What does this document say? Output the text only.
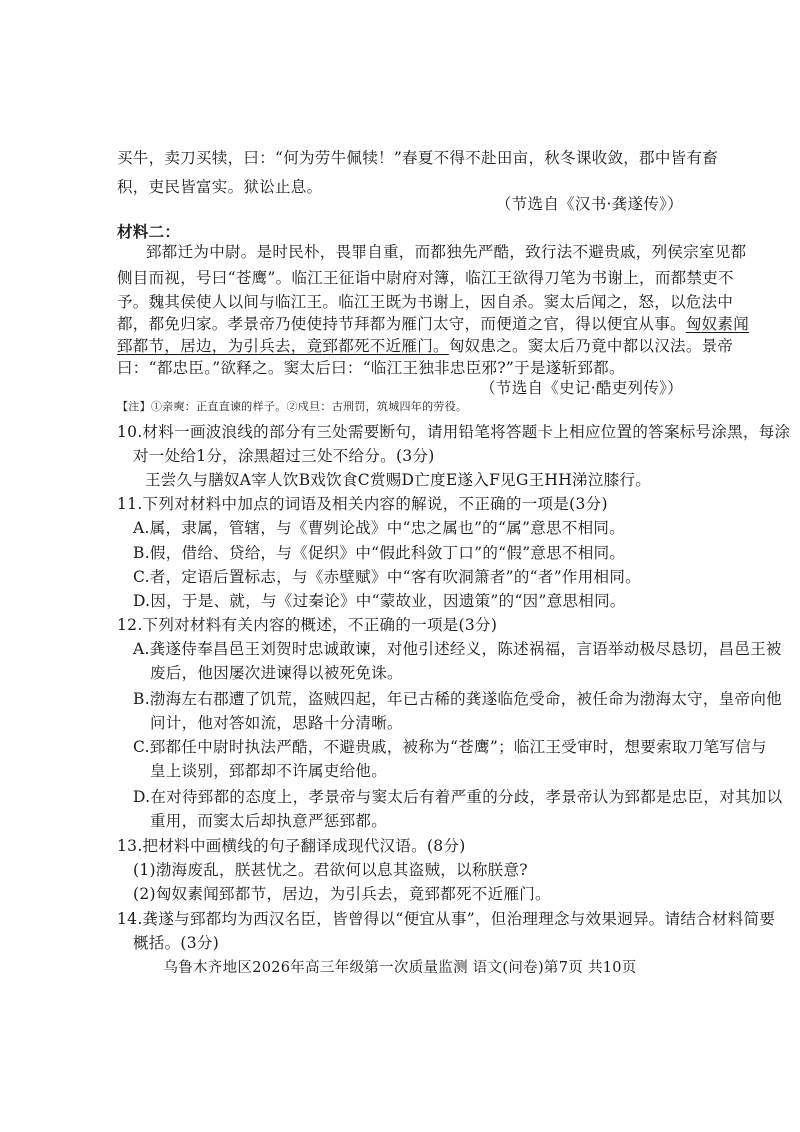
买牛，卖刀买犊，曰：“何为劳牛佩犊！”春夏不得不赴田亩，秋冬课收敛，郡中皆有畜
积，吏民皆富实。狱讼止息。
（节选自《汉书·龚遂传》）
材料二：
郅都迁为中尉。是时民朴，畏罪自重，而都独先严酷，致行法不避贵戚，列侯宗室见都
侧目而视，号曰“苍鹰”。临江王征诣中尉府对簿，临江王欲得刀笔为书谢上，而都禁吏不
予。魏其侯使人以间与临江王。临江王既为书谢上，因自杀。窦太后闻之，怒，以危法中
都，都免归家。孝景帝乃使使持节拜都为雁门太守，而便道之官，得以便宜从事。匈奴素闻
郅都节，居边，为引兵去，竟郅都死不近雁门。匈奴患之。窦太后乃竟中都以汉法。景帝
曰：“都忠臣。”欲释之。窦太后曰：“临江王独非忠臣邪?”于是遂斩郅都。
（节选自《史记·酷吏列传》）
【注】①亲奭：正直直谏的样子。②戍旦：古刑罚，筑城四年的劳役。
10.材料一画波浪线的部分有三处需要断句，请用铅笔将答题卡上相应位置的答案标号涂黑，每涂
对一处给1分，涂黑超过三处不给分。(3分)
王尝久与膳奴A宰人饮B戏饮食C赏赐D亡度E遂入F见G王HH涕泣膝行。
11.下列对材料中加点的词语及相关内容的解说，不正确的一项是(3分)
A.属，隶属，管辖，与《曹刿论战》中“忠之属也”的“属”意思不相同。
B.假，借给、贷给，与《促织》中“假此科敛丁口”的“假”意思不相同。
C.者，定语后置标志，与《赤壁赋》中“客有吹洞箫者”的“者”作用相同。
D.因，于是、就，与《过秦论》中“蒙故业，因遗策”的“因”意思相同。
12.下列对材料有关内容的概述，不正确的一项是(3分)
A.龚遂侍奉昌邑王刘贺时忠诚敢谏，对他引述经义，陈述祸福，言语举动极尽恳切，昌邑王被
废后，他因屡次进谏得以被死免诛。
B.渤海左右郡遭了饥荒，盗贼四起，年已古稀的龚遂临危受命，被任命为渤海太守，皇帝向他
问计，他对答如流，思路十分清晰。
C.郅都任中尉时执法严酷，不避贵戚，被称为“苍鹰”；临江王受审时，想要索取刀笔写信与
皇上谈别，郅都却不许属吏给他。
D.在对待郅都的态度上，孝景帝与窦太后有着严重的分歧，孝景帝认为郅都是忠臣，对其加以
重用，而窦太后却执意严惩郅都。
13.把材料中画横线的句子翻译成现代汉语。(8分)
(1)渤海废乱，朕甚忧之。君欲何以息其盗贼，以称朕意?
(2)匈奴素闻郅都节，居边，为引兵去，竟郅都死不近雁门。
14.龚遂与郅都均为西汉名臣，皆曾得以“便宜从事”，但治理理念与效果迥异。请结合材料简要
概括。(3分)
乌鲁木齐地区2026年高三年级第一次质量监测 语文(问卷)第7页 共10页
